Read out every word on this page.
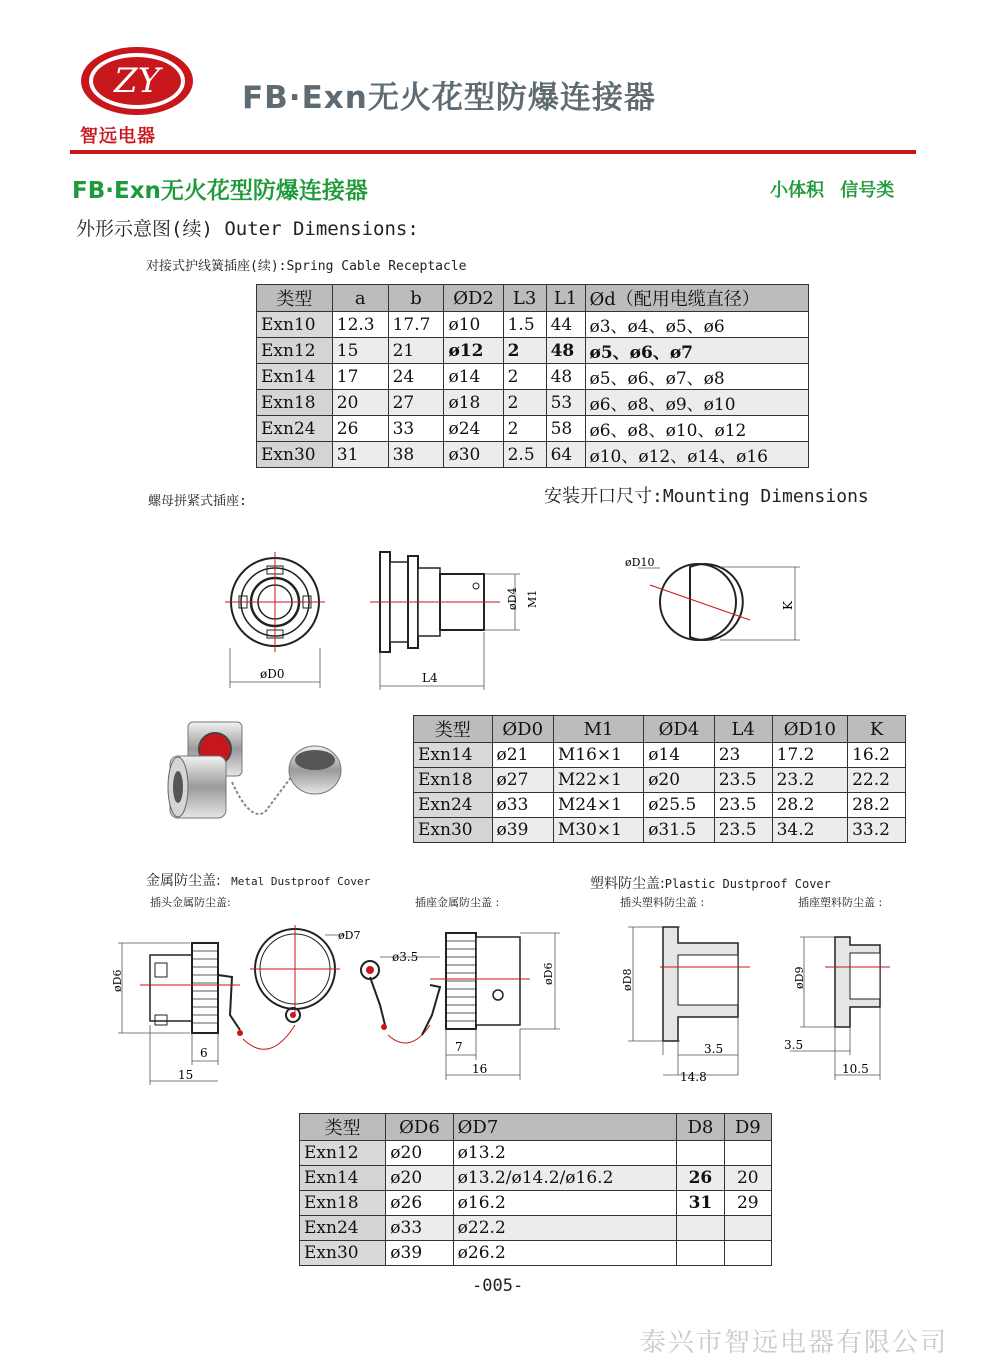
ZY
智远电器
FB·Exn无火花型防爆连接器
FB·Exn无火花型防爆连接器	小体积 信号类
外形示意图(续) Outer Dimensions:
对接式护线簧插座(续):Spring Cable Receptacle
类型	a	b	ØD2	L3	L1	Ød（配用电缆直径）
Exn10	12.3	17.7	ø10	1.5	44	ø3、ø4、ø5、ø6
Exn12	15	21	ø12	2	48	ø5、ø6、ø7
Exn14	17	24	ø14	2	48	ø5、ø6、ø7、ø8
Exn18	20	27	ø18	2	53	ø6、ø8、ø9、ø10
Exn24	26	33	ø24	2	58	ø6、ø8、ø10、ø12
Exn30	31	38	ø30	2.5	64	ø10、ø12、ø14、ø16
螺母拼紧式插座:	安装开口尺寸:Mounting Dimensions
øD0	L4
øD4 M1
øD10
K
类型	ØD0	M1	ØD4	L4	ØD10	K
Exn14	ø21	M16×1	ø14	23	17.2	16.2
Exn18	ø27	M22×1	ø20	23.5	23.2	22.2
Exn24	ø33	M24×1	ø25.5	23.5	28.2	28.2
Exn30	ø39	M30×1	ø31.5	23.5	34.2	33.2
金属防尘盖: Metal Dustproof Cover	塑料防尘盖:Plastic Dustproof Cover
插头金属防尘盖:	插座金属防尘盖 :	插头塑料防尘盖 :	插座塑料防尘盖 :
øD6
6
15
øD7
ø3.5
øD6
7
16
øD8
3.5
14.8
øD9
3.5
10.5
类型	ØD6	ØD7	D8	D9
Exn12	ø20	ø13.2		
Exn14	ø20	ø13.2/ø14.2/ø16.2	26	20
Exn18	ø26	ø16.2	31	29
Exn24	ø33	ø22.2		
Exn30	ø39	ø26.2		
-005-
泰兴市智远电器有限公司
